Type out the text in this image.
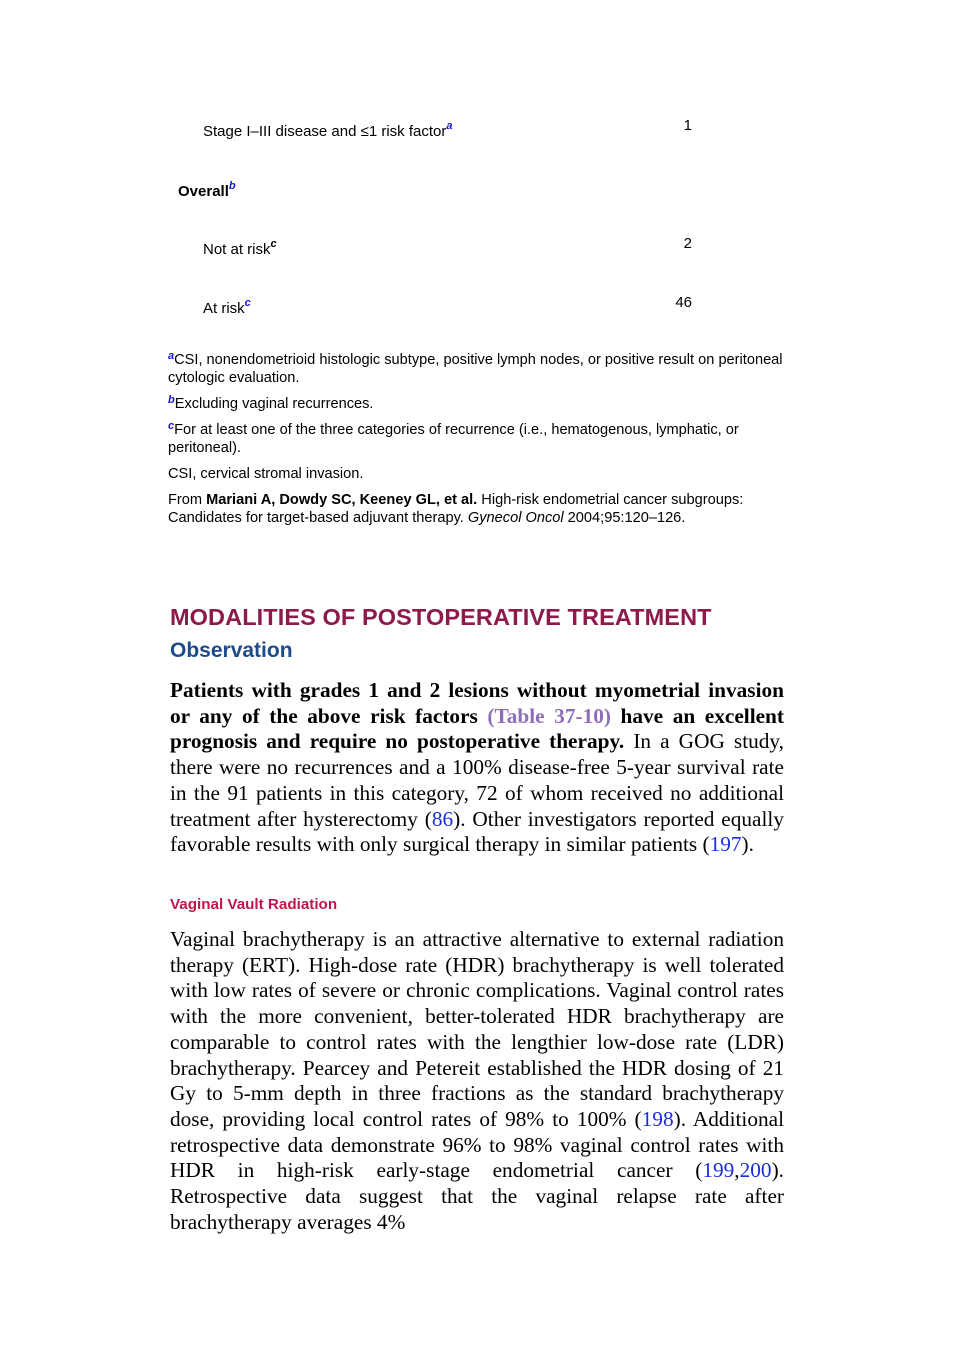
Stage I–III disease and ≤1 risk factor$^a$	1
Overall$^b$
Not at risk$^c$	2
At risk$^c$	46

$^a$CSI, nonendometrioid histologic subtype, positive lymph nodes, or positive result on peritoneal cytologic evaluation.

$^b$Excluding vaginal recurrences.

$^c$For at least one of the three categories of recurrence (i.e., hematogenous, lymphatic, or peritoneal).

CSI, cervical stromal invasion.

From Mariani A, Dowdy SC, Keeney GL, et al. High-risk endometrial cancer subgroups: Candidates for target-based adjuvant therapy. Gynecol Oncol 2004;95:120–126.

MODALITIES OF POSTOPERATIVE TREATMENT
Observation
Patients with grades 1 and 2 lesions without myometrial invasion or any of the above risk factors (Table 37-10) have an excellent prognosis and require no postoperative therapy. In a GOG study, there were no recurrences and a 100% disease-free 5-year survival rate in the 91 patients in this category, 72 of whom received no additional treatment after hysterectomy (86). Other investigators reported equally favorable results with only surgical therapy in similar patients (197).
Vaginal Vault Radiation
Vaginal brachytherapy is an attractive alternative to external radiation therapy (ERT). High-dose rate (HDR) brachytherapy is well tolerated with low rates of severe or chronic complications. Vaginal control rates with the more convenient, better-tolerated HDR brachytherapy are comparable to control rates with the lengthier low-dose rate (LDR) brachytherapy. Pearcey and Petereit established the HDR dosing of 21 Gy to 5-mm depth in three fractions as the standard brachytherapy dose, providing local control rates of 98% to 100% (198). Additional retrospective data demonstrate 96% to 98% vaginal control rates with HDR in high-risk early-stage endometrial cancer (199,200). Retrospective data suggest that the vaginal relapse rate after brachytherapy averages 4%
